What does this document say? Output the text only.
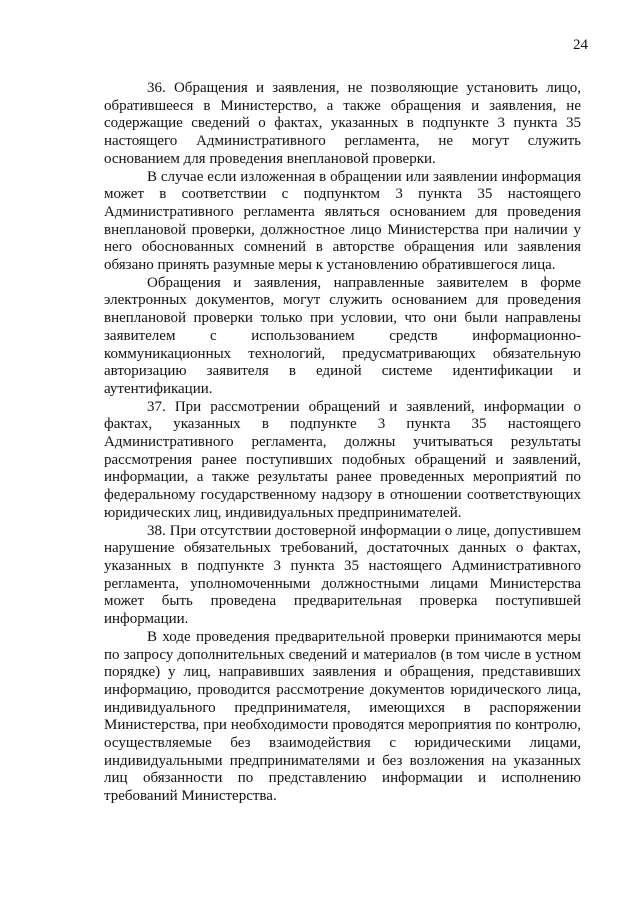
24

36. Обращения и заявления, не позволяющие установить лицо, обратившееся в Министерство, а также обращения и заявления, не содержащие сведений о фактах, указанных в подпункте 3 пункта 35 настоящего Административного регламента, не могут служить основанием для проведения внеплановой проверки.

В случае если изложенная в обращении или заявлении информация может в соответствии с подпунктом 3 пункта 35 настоящего Административного регламента являться основанием для проведения внеплановой проверки, должностное лицо Министерства при наличии у него обоснованных сомнений в авторстве обращения или заявления обязано принять разумные меры к установлению обратившегося лица.

Обращения и заявления, направленные заявителем в форме электронных документов, могут служить основанием для проведения внеплановой проверки только при условии, что они были направлены заявителем с использованием средств информационно-коммуникационных технологий, предусматривающих обязательную авторизацию заявителя в единой системе идентификации и аутентификации.

37. При рассмотрении обращений и заявлений, информации о фактах, указанных в подпункте 3 пункта 35 настоящего Административного регламента, должны учитываться результаты рассмотрения ранее поступивших подобных обращений и заявлений, информации, а также результаты ранее проведенных мероприятий по федеральному государственному надзору в отношении соответствующих юридических лиц, индивидуальных предпринимателей.

38. При отсутствии достоверной информации о лице, допустившем нарушение обязательных требований, достаточных данных о фактах, указанных в подпункте 3 пункта 35 настоящего Административного регламента, уполномоченными должностными лицами Министерства может быть проведена предварительная проверка поступившей информации.

В ходе проведения предварительной проверки принимаются меры по запросу дополнительных сведений и материалов (в том числе в устном порядке) у лиц, направивших заявления и обращения, представивших информацию, проводится рассмотрение документов юридического лица, индивидуального предпринимателя, имеющихся в распоряжении Министерства, при необходимости проводятся мероприятия по контролю, осуществляемые без взаимодействия с юридическими лицами, индивидуальными предпринимателями и без возложения на указанных лиц обязанности по представлению информации и исполнению требований Министерства.
